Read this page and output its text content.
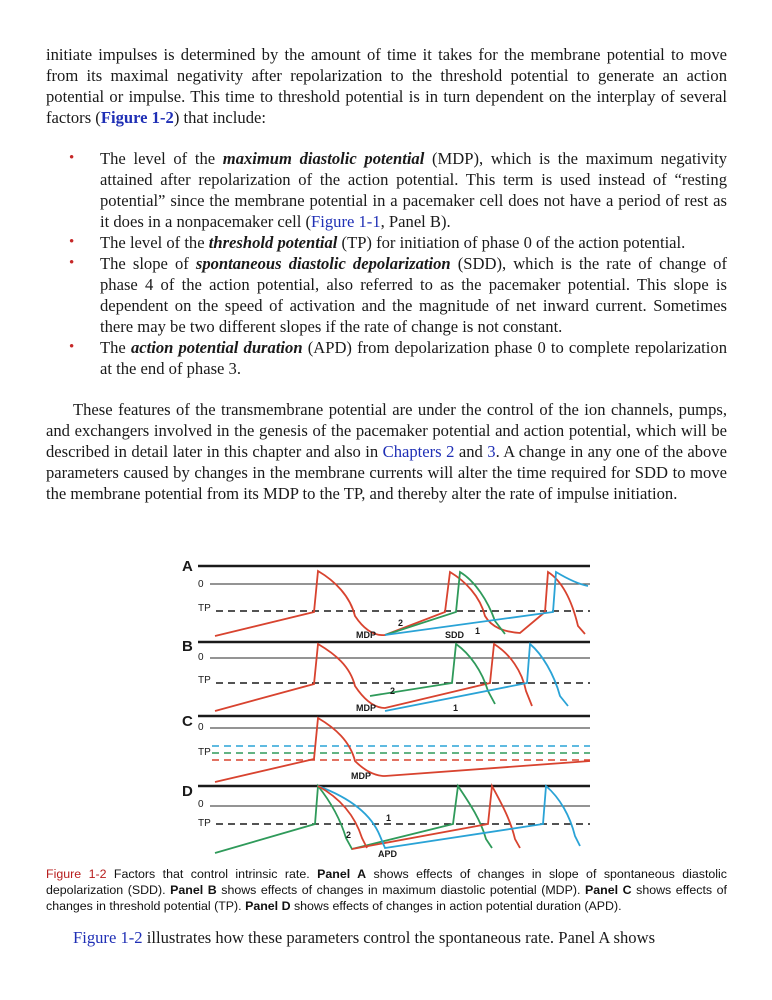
initiate impulses is determined by the amount of time it takes for the membrane potential to move from its maximal negativity after repolarization to the threshold potential to generate an action potential or impulse. This time to threshold potential is in turn dependent on the interplay of several factors (Figure 1-2) that include:

• The level of the maximum diastolic potential (MDP), which is the maximum negativity attained after repolarization of the action potential. This term is used instead of “resting potential” since the membrane potential in a pacemaker cell does not have a period of rest as it does in a nonpacemaker cell (Figure 1-1, Panel B).
• The level of the threshold potential (TP) for initiation of phase 0 of the action potential.
• The slope of spontaneous diastolic depolarization (SDD), which is the rate of change of phase 4 of the action potential, also referred to as the pacemaker potential. This slope is dependent on the speed of activation and the magnitude of net inward current. Sometimes there may be two different slopes if the rate of change is not constant.
• The action potential duration (APD) from depolarization phase 0 to complete repolarization at the end of phase 3.

These features of the transmembrane potential are under the control of the ion channels, pumps, and exchangers involved in the genesis of the pacemaker potential and action potential, which will be described in detail later in this chapter and also in Chapters 2 and 3. A change in any one of the above parameters caused by changes in the membrane currents will alter the time required for SDD to move the membrane potential from its MDP to the TP, and thereby alter the rate of impulse initiation.

A
0
TP
MDP
2
SDD 1
B
0
TP
MDP
2
1
C 0
TP
MDP
D
0
TP	1
2
APD
Figure 1-2 Factors that control intrinsic rate. Panel A shows effects of changes in slope of spontaneous diastolic depolarization (SDD). Panel B shows effects of changes in maximum diastolic potential (MDP). Panel C shows effects of changes in threshold potential (TP). Panel D shows effects of changes in action potential duration (APD).

Figure 1-2 illustrates how these parameters control the spontaneous rate. Panel A shows
